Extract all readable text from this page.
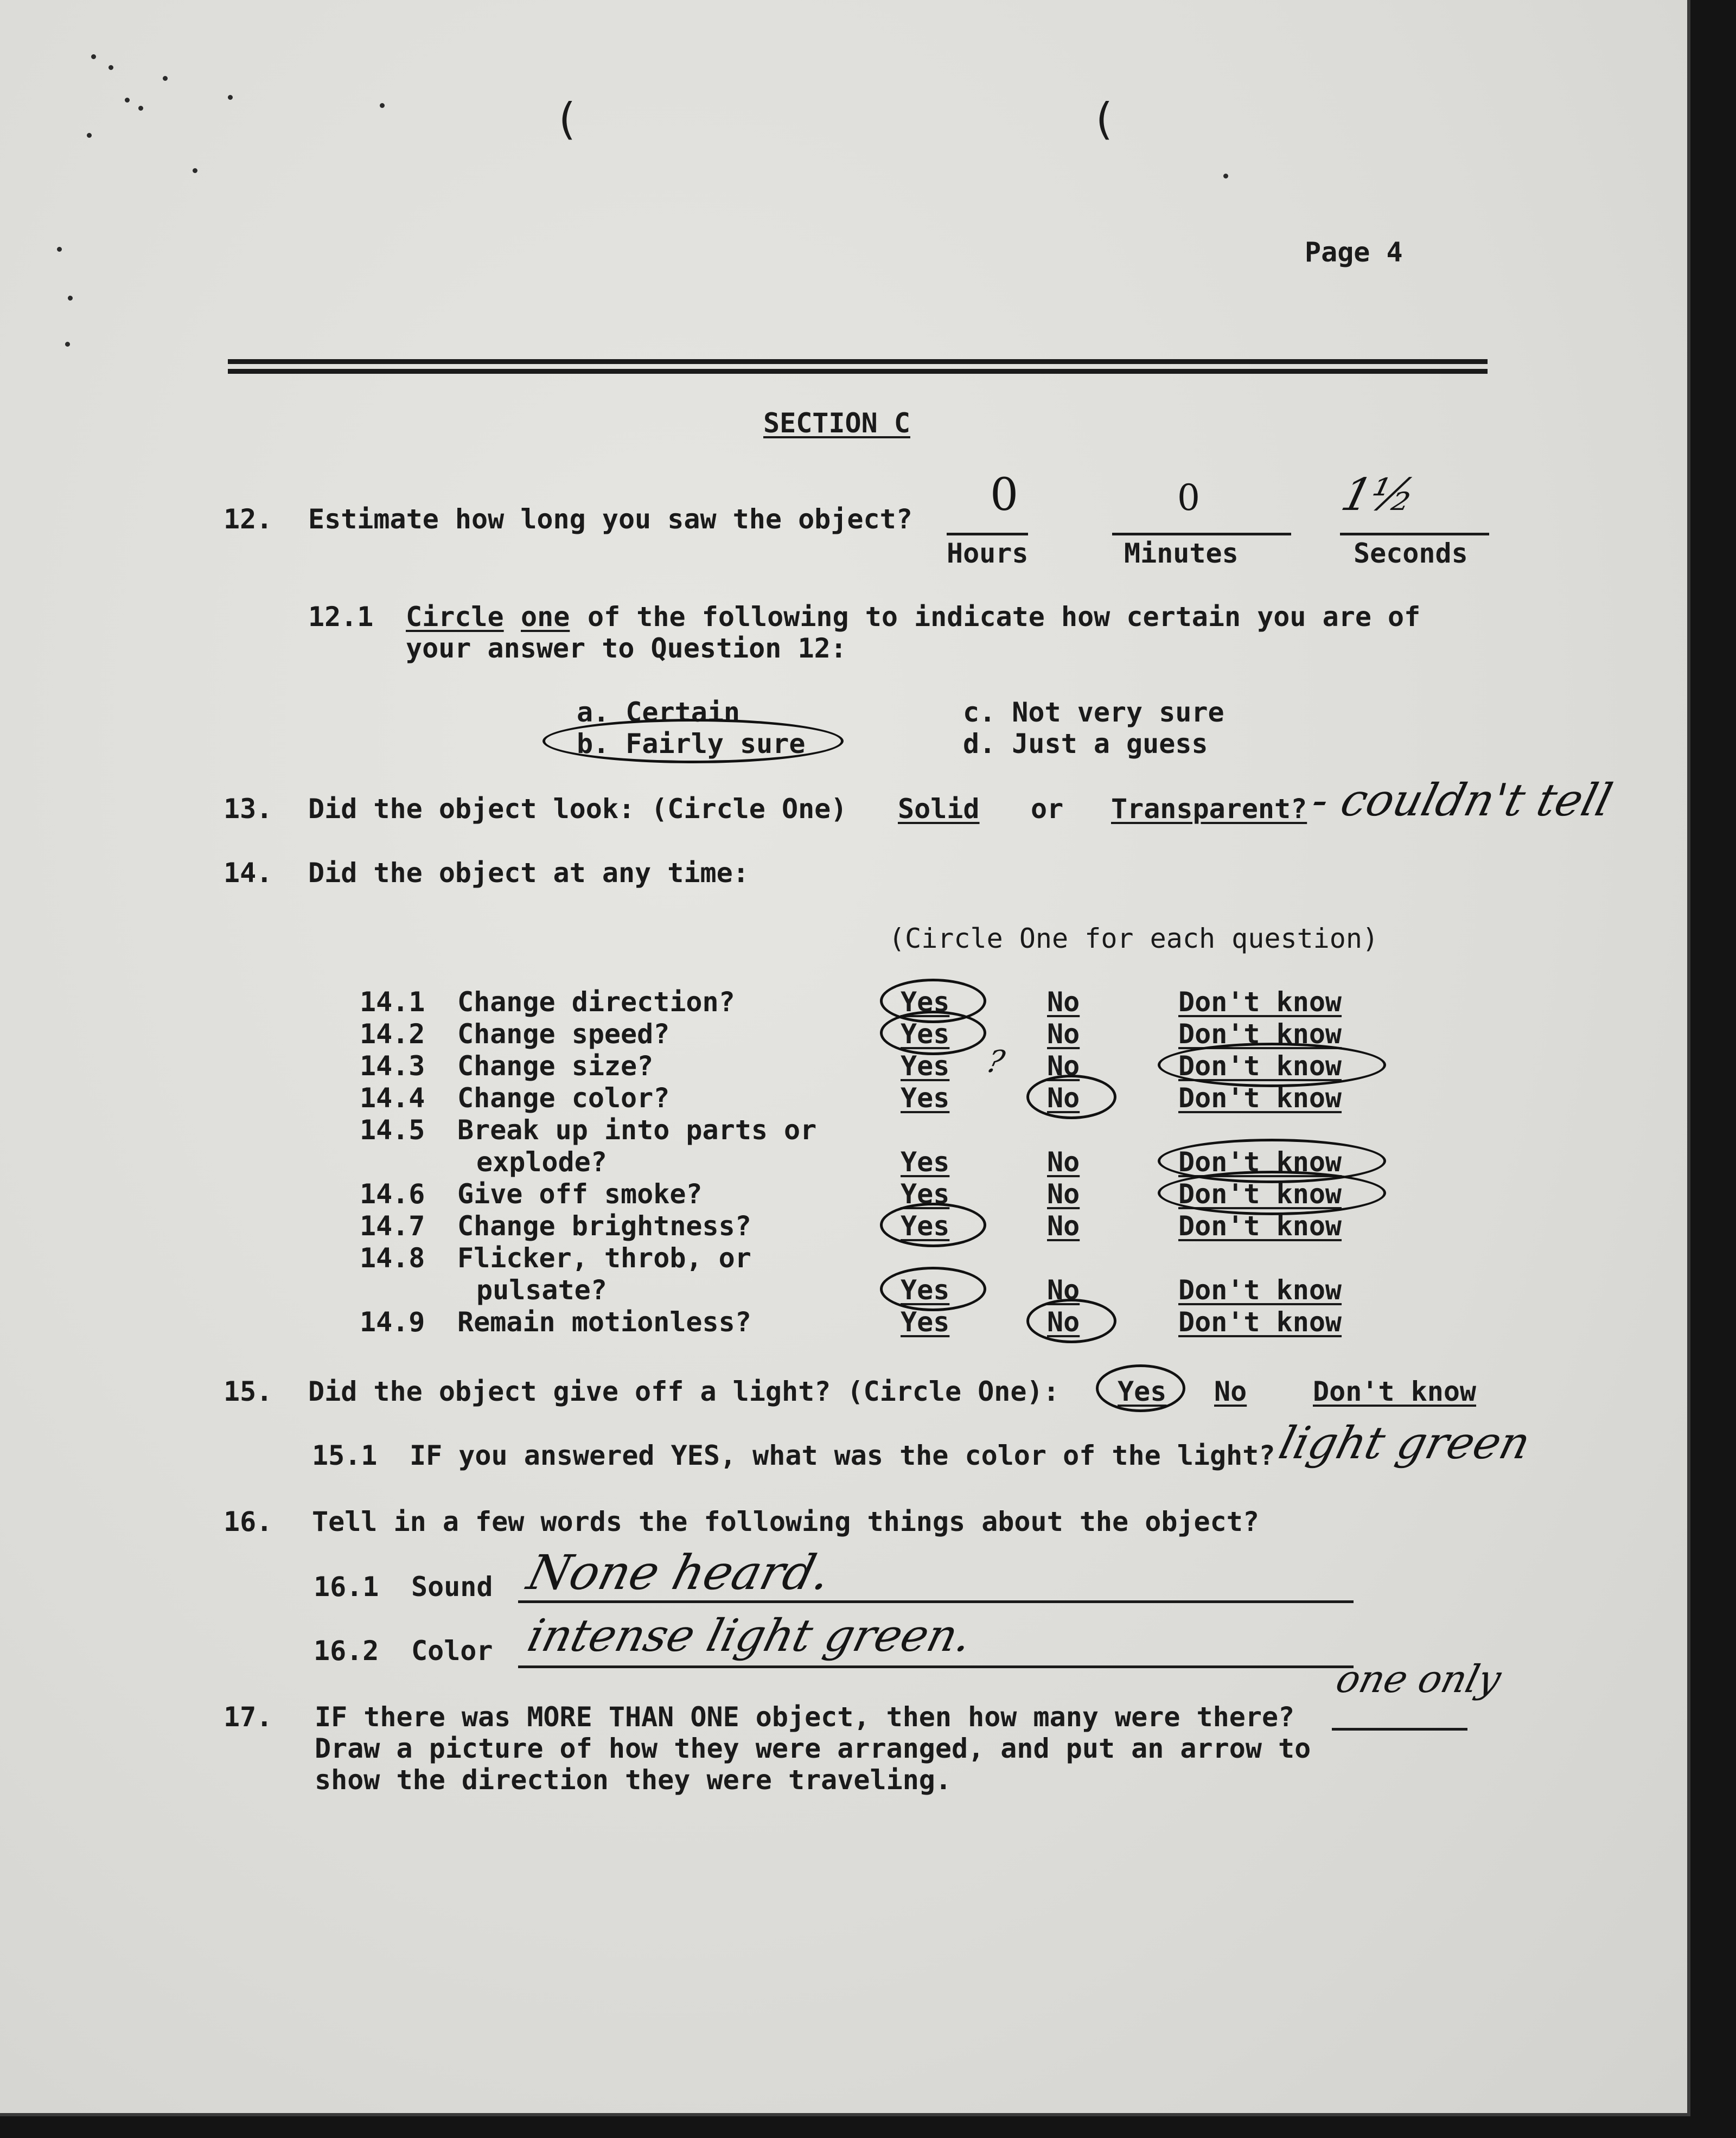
(	(
Page 4
SECTION C
12. Estimate how long you saw the object? 0	0	1½
Hours	Minutes	Seconds
12.1 Circle one of the following to indicate how certain you are of
your answer to Question 12:
a. Certain
b. Fairly sure
c. Not very sure
d. Just a guess
13. Did the object look: (Circle One) Solid or Transparent? - couldn't tell
14. Did the object at any time:
(Circle One for each question)
14.1 Change direction?	Yes	No	Don't know
14.2 Change speed?	Yes	No	Don't know
14.3 Change size?	Yes	No	Don't know
?
14.4 Change color?	Yes	No	Don't know
14.5 Break up into parts or
explode?	Yes	No	Don't know
14.6 Give off smoke?	Yes	No	Don't know
14.7 Change brightness?	Yes	No	Don't know
14.8 Flicker, throb, or
pulsate?	Yes	No	Don't know
14.9 Remain motionless?	Yes	No	Don't know
15. Did the object give off a light? (Circle One): Yes No Don't know
15.1 IF you answered YES, what was the color of the light?
light green
16. Tell in a few words the following things about the object?
16.1 Sound None heard.
16.2 Color intense light green.
17. IF there was MORE THAN ONE object, then how many were there?
Draw a picture of how they were arranged, and put an arrow to
show the direction they were traveling.
one only
